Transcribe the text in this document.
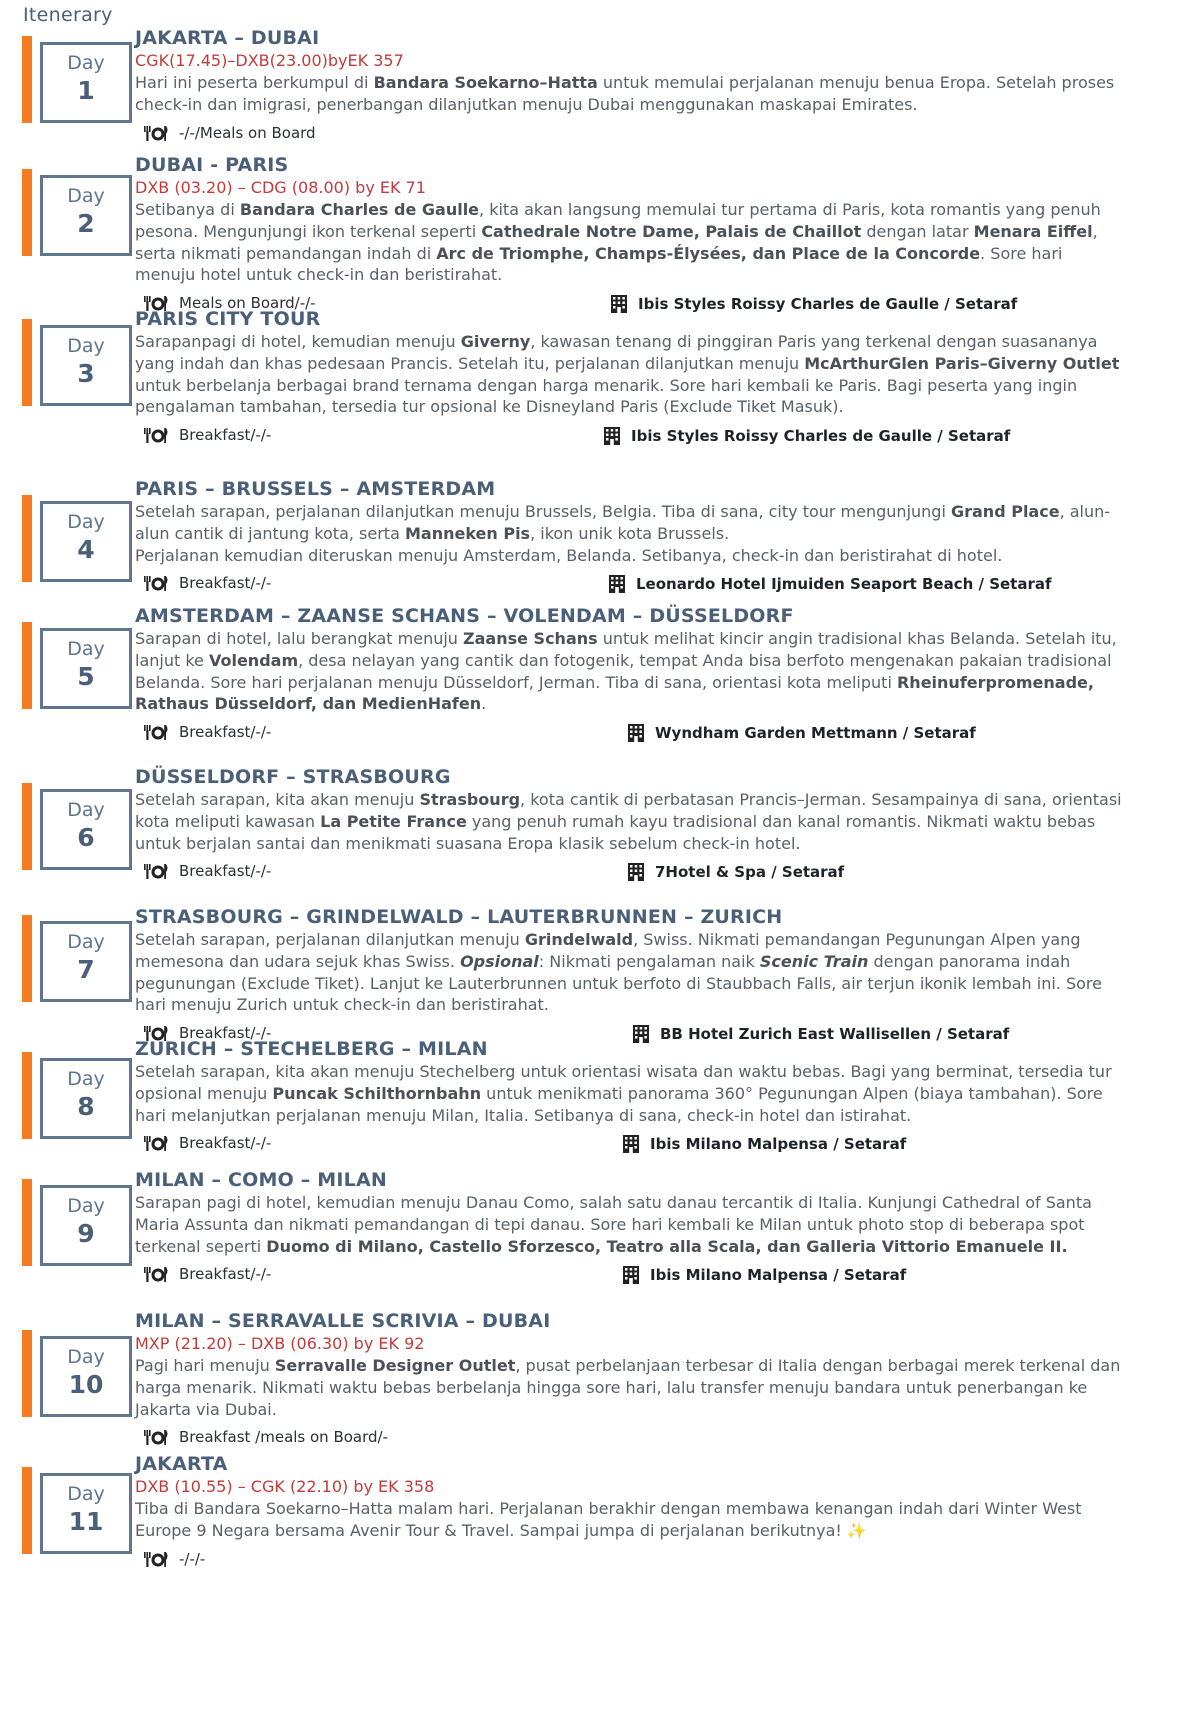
Itenerary
Day
1
JAKARTA – DUBAI
CGK(17.45)–DXB(23.00)byEK 357
Hari ini peserta berkumpul di Bandara Soekarno–Hatta untuk memulai perjalanan menuju benua Eropa. Setelah proses check-in dan imigrasi, penerbangan dilanjutkan menuju Dubai menggunakan maskapai Emirates.
-/-/Meals on Board
Day
2
DUBAI - PARIS
DXB (03.20) – CDG (08.00) by EK 71
Setibanya di Bandara Charles de Gaulle, kita akan langsung memulai tur pertama di Paris, kota romantis yang penuh pesona. Mengunjungi ikon terkenal seperti Cathedrale Notre Dame, Palais de Chaillot dengan latar Menara Eiffel, serta nikmati pemandangan indah di Arc de Triomphe, Champs-Élysées, dan Place de la Concorde. Sore hari menuju hotel untuk check-in dan beristirahat.
Meals on Board/-/-	Ibis Styles Roissy Charles de Gaulle / Setaraf
Day
3
PARIS CITY TOUR
Sarapanpagi di hotel, kemudian menuju Giverny, kawasan tenang di pinggiran Paris yang terkenal dengan suasananya yang indah dan khas pedesaan Prancis. Setelah itu, perjalanan dilanjutkan menuju McArthurGlen Paris–Giverny Outlet untuk berbelanja berbagai brand ternama dengan harga menarik. Sore hari kembali ke Paris. Bagi peserta yang ingin pengalaman tambahan, tersedia tur opsional ke Disneyland Paris (Exclude Tiket Masuk).
Breakfast/-/-	Ibis Styles Roissy Charles de Gaulle / Setaraf
Day
4
PARIS – BRUSSELS – AMSTERDAM
Setelah sarapan, perjalanan dilanjutkan menuju Brussels, Belgia. Tiba di sana, city tour mengunjungi Grand Place, alun-alun cantik di jantung kota, serta Manneken Pis, ikon unik kota Brussels.
Perjalanan kemudian diteruskan menuju Amsterdam, Belanda. Setibanya, check-in dan beristirahat di hotel.
Breakfast/-/-	Leonardo Hotel Ijmuiden Seaport Beach / Setaraf
Day
5
AMSTERDAM – ZAANSE SCHANS – VOLENDAM – DÜSSELDORF
Sarapan di hotel, lalu berangkat menuju Zaanse Schans untuk melihat kincir angin tradisional khas Belanda. Setelah itu, lanjut ke Volendam, desa nelayan yang cantik dan fotogenik, tempat Anda bisa berfoto mengenakan pakaian tradisional Belanda. Sore hari perjalanan menuju Düsseldorf, Jerman. Tiba di sana, orientasi kota meliputi Rheinuferpromenade, Rathaus Düsseldorf, dan MedienHafen.
Breakfast/-/-	Wyndham Garden Mettmann / Setaraf
Day
6
DÜSSELDORF – STRASBOURG
Setelah sarapan, kita akan menuju Strasbourg, kota cantik di perbatasan Prancis–Jerman. Sesampainya di sana, orientasi kota meliputi kawasan La Petite France yang penuh rumah kayu tradisional dan kanal romantis. Nikmati waktu bebas untuk berjalan santai dan menikmati suasana Eropa klasik sebelum check-in hotel.
Breakfast/-/-	7Hotel & Spa / Setaraf
Day
7
STRASBOURG – GRINDELWALD – LAUTERBRUNNEN – ZURICH
Setelah sarapan, perjalanan dilanjutkan menuju Grindelwald, Swiss. Nikmati pemandangan Pegunungan Alpen yang memesona dan udara sejuk khas Swiss. Opsional: Nikmati pengalaman naik Scenic Train dengan panorama indah pegunungan (Exclude Tiket). Lanjut ke Lauterbrunnen untuk berfoto di Staubbach Falls, air terjun ikonik lembah ini. Sore hari menuju Zurich untuk check-in dan beristirahat.
Breakfast/-/-	BB Hotel Zurich East Wallisellen / Setaraf
Day
8
ZURICH – STECHELBERG – MILAN
Setelah sarapan, kita akan menuju Stechelberg untuk orientasi wisata dan waktu bebas. Bagi yang berminat, tersedia tur opsional menuju Puncak Schilthornbahn untuk menikmati panorama 360° Pegunungan Alpen (biaya tambahan). Sore hari melanjutkan perjalanan menuju Milan, Italia. Setibanya di sana, check-in hotel dan istirahat.
Breakfast/-/-	Ibis Milano Malpensa / Setaraf
Day
9
MILAN – COMO – MILAN
Sarapan pagi di hotel, kemudian menuju Danau Como, salah satu danau tercantik di Italia. Kunjungi Cathedral of Santa Maria Assunta dan nikmati pemandangan di tepi danau. Sore hari kembali ke Milan untuk photo stop di beberapa spot terkenal seperti Duomo di Milano, Castello Sforzesco, Teatro alla Scala, dan Galleria Vittorio Emanuele II.
Breakfast/-/-	Ibis Milano Malpensa / Setaraf
Day
10
MILAN – SERRAVALLE SCRIVIA – DUBAI
MXP (21.20) – DXB (06.30) by EK 92
Pagi hari menuju Serravalle Designer Outlet, pusat perbelanjaan terbesar di Italia dengan berbagai merek terkenal dan harga menarik. Nikmati waktu bebas berbelanja hingga sore hari, lalu transfer menuju bandara untuk penerbangan ke Jakarta via Dubai.
Breakfast /meals on Board/-
Day
11
JAKARTA
DXB (10.55) – CGK (22.10) by EK 358
Tiba di Bandara Soekarno–Hatta malam hari. Perjalanan berakhir dengan membawa kenangan indah dari Winter West Europe 9 Negara bersama Avenir Tour & Travel. Sampai jumpa di perjalanan berikutnya! ✨
-/-/-
